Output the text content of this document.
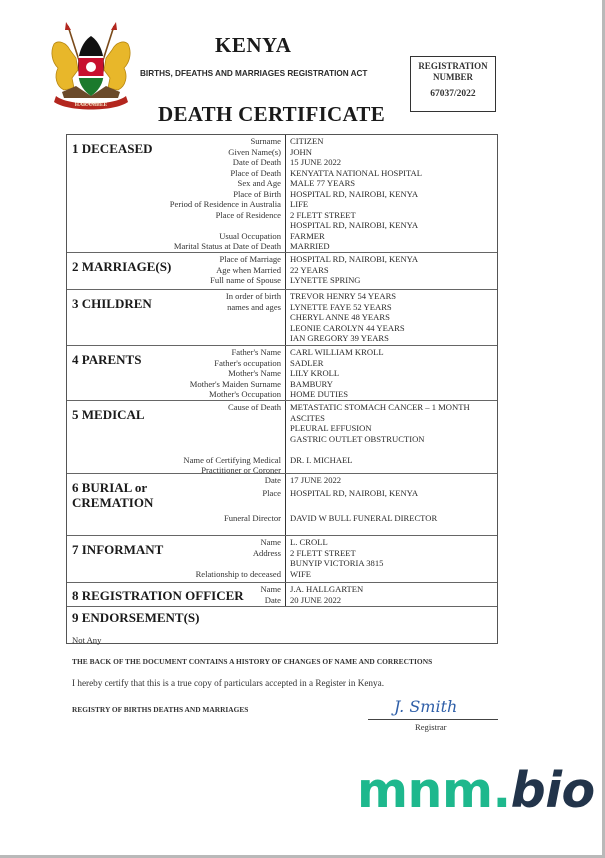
HARAMBEE
KENYA
BIRTHS, DFEATHS AND MARRIAGES REGISTRATION ACT
DEATH CERTIFICATE
REGISTRATION
NUMBER
67037/2022
1 DECEASED	Surname CITIZEN
Given Name(s) JOHN
Date of Death 15 JUNE 2022
Place of Death KENYATTA NATIONAL HOSPITAL
Sex and Age MALE 77 YEARS
Place of Birth HOSPITAL RD, NAIROBI, KENYA
Period of Residence in Australia LIFE
Place of Residence 2 FLETT STREET
HOSPITAL RD, NAIROBI, KENYA
Usual Occupation FARMER
Marital Status at Date of Death MARRIED
2 MARRIAGE(S)	Place of Marriage HOSPITAL RD, NAIROBI, KENYA
Age when Married 22 YEARS
Full name of Spouse LYNETTE SPRING
3 CHILDREN	In order of birth TREVOR HENRY 54 YEARS
names and ages LYNETTE FAYE 52 YEARS
CHERYL ANNE 48 YEARS
LEONIE CAROLYN 44 YEARS
IAN GREGORY 39 YEARS
4 PARENTS	Father's Name CARL WILLIAM KROLL
Father's occupation SADLER
Mother's Name LILY KROLL
Mother's Maiden Surname BAMBURY
Mother's Occupation HOME DUTIES
5 MEDICAL	Cause of Death METASTATIC STOMACH CANCER – 1 MONTH
ASCITES
PLEURAL EFFUSION
GASTRIC OUTLET OBSTRUCTION
Name of Certifying Medical DR. I. MICHAEL
Practitioner or Coroner
6 BURIAL or
CREMATION
Date 17 JUNE 2022
Place HOSPITAL RD, NAIROBI, KENYA
Funeral Director DAVID W BULL FUNERAL DIRECTOR
7 INFORMANT	Name L. CROLL
Address 2 FLETT STREET
BUNYIP VICTORIA 3815
Relationship to deceased WIFE
8 REGISTRATION OFFICER	Name J.A. HALLGARTEN
Date 20 JUNE 2022
9 ENDORSEMENT(S)
Not Any
THE BACK OF THE DOCUMENT CONTAINS A HISTORY OF CHANGES OF NAME AND CORRECTIONS
I hereby certify that this is a true copy of particulars accepted in a Register in Kenya.
REGISTRY OF BIRTHS DEATHS AND MARRIAGES	J. Smith
Registrar
mnm.bio
